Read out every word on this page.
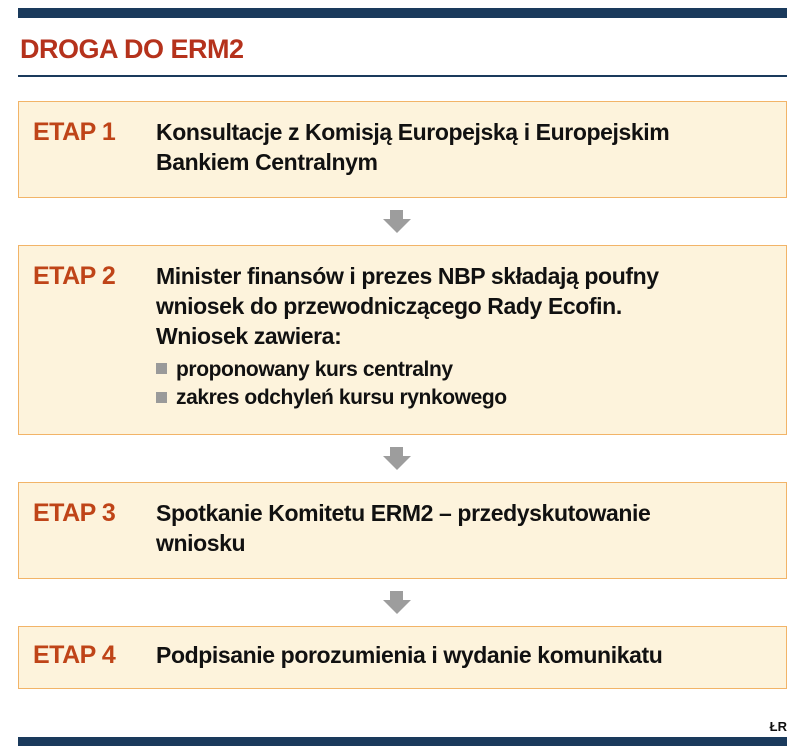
DROGA DO ERM2
ETAP 1	Konsultacje z Komisją Europejską i Europejskim Bankiem Centralnym
ETAP 2	Minister finansów i prezes NBP składają poufny wniosek do przewodniczącego Rady Ecofin. Wniosek zawiera:
proponowany kurs centralny
zakres odchyleń kursu rynkowego
ETAP 3	Spotkanie Komitetu ERM2 – przedyskutowanie wniosku
ETAP 4	Podpisanie porozumienia i wydanie komunikatu
ŁR
